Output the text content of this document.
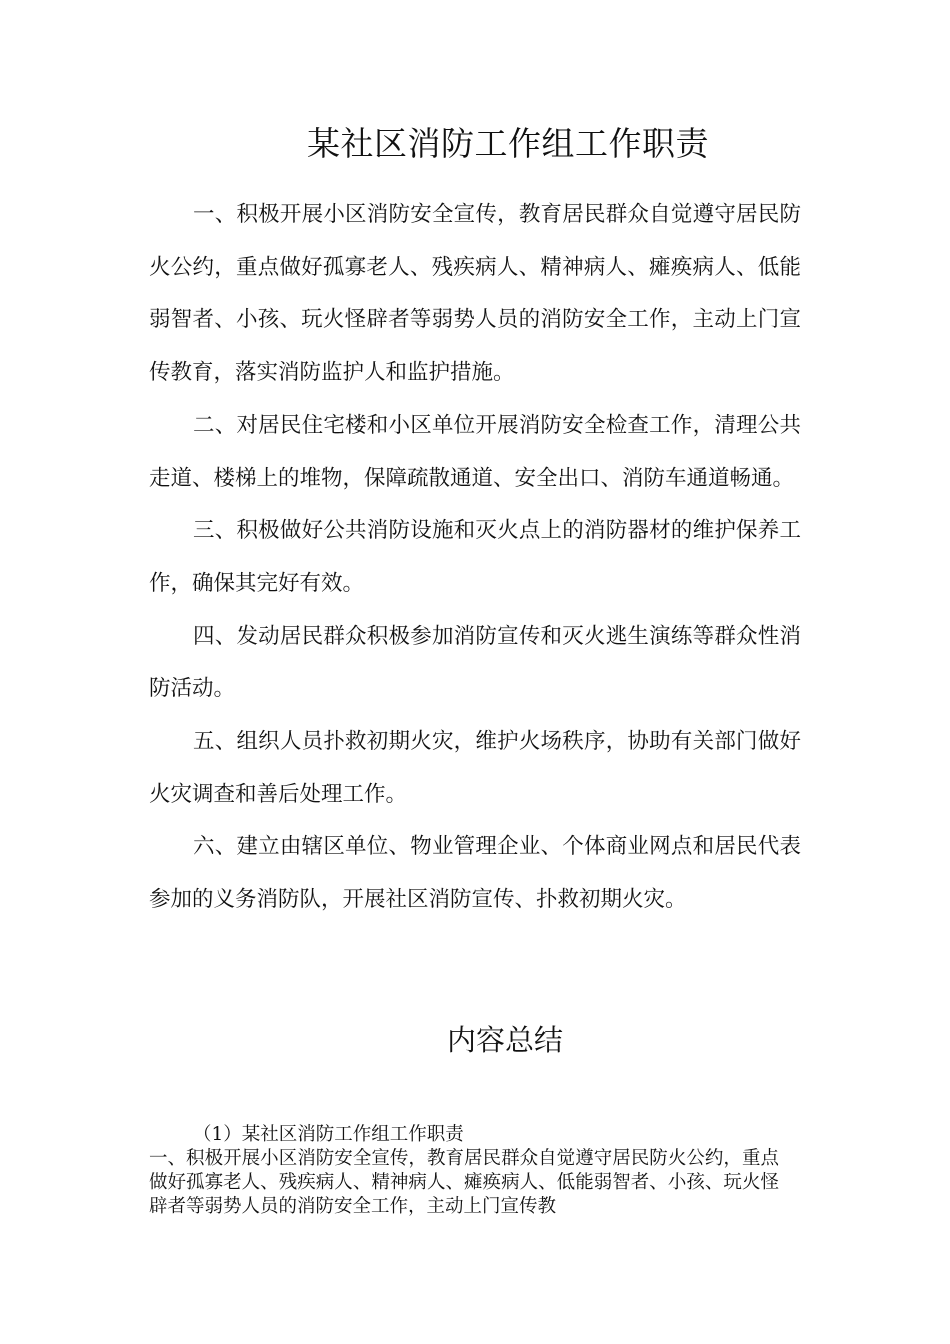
某社区消防工作组工作职责

一、积极开展小区消防安全宣传，教育居民群众自觉遵守居民防火公约，重点做好孤寡老人、残疾病人、精神病人、瘫痪病人、低能弱智者、小孩、玩火怪辟者等弱势人员的消防安全工作，主动上门宣传教育，落实消防监护人和监护措施。

二、对居民住宅楼和小区单位开展消防安全检查工作，清理公共走道、楼梯上的堆物，保障疏散通道、安全出口、消防车通道畅通。

三、积极做好公共消防设施和灭火点上的消防器材的维护保养工作，确保其完好有效。

四、发动居民群众积极参加消防宣传和灭火逃生演练等群众性消防活动。

五、组织人员扑救初期火灾，维护火场秩序，协助有关部门做好火灾调查和善后处理工作。

六、建立由辖区单位、物业管理企业、个体商业网点和居民代表参加的义务消防队，开展社区消防宣传、扑救初期火灾。

内容总结

（1）某社区消防工作组工作职责

一、积极开展小区消防安全宣传，教育居民群众自觉遵守居民防火公约，重点做好孤寡老人、残疾病人、精神病人、瘫痪病人、低能弱智者、小孩、玩火怪辟者等弱势人员的消防安全工作，主动上门宣传教
